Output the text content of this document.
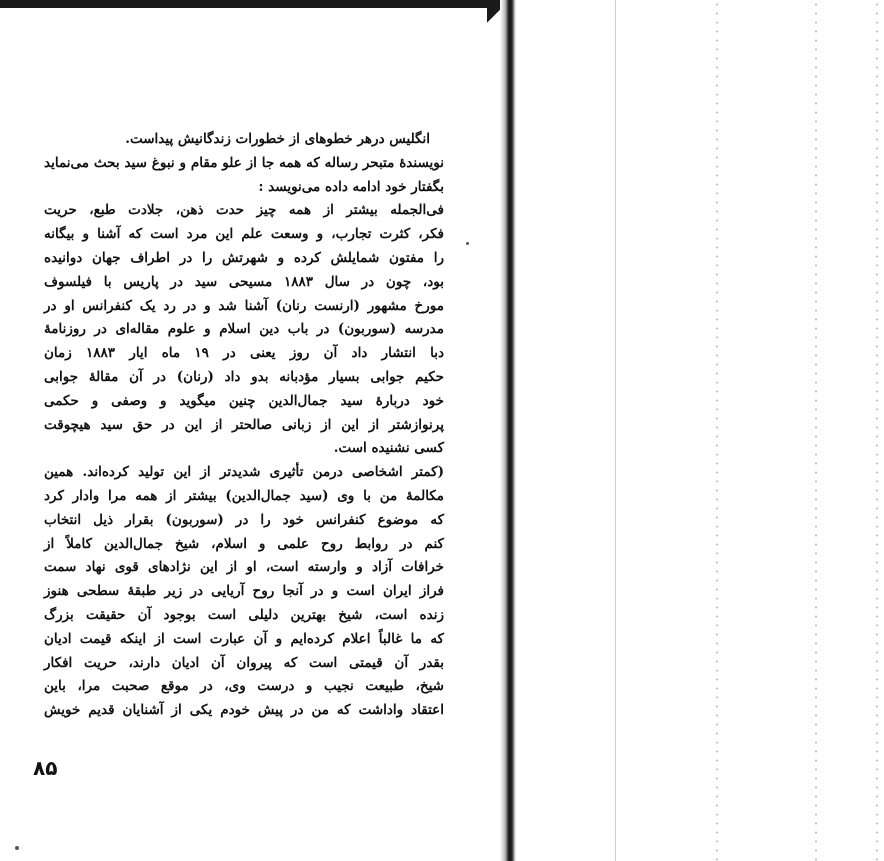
انگلیس درهر خطوهای از خطورات زندگانیش پیداست.
نویسندهٔ متبحر رساله که همه جا از علو مقام و نبوغ سید بحث می‌نماید
بگفتار خود ادامه داده می‌نویسد :
فی‌الجمله بیشتر از همه چیز حدت ذهن، جلادت طبع، حریت
فکر، کثرت تجارب، و وسعت علم این مرد است که آشنا و بیگانه
را مفتون شمایلش کرده و شهرتش را در اطراف جهان دوانیده
بود، چون در سال ۱۸۸۳ مسیحی سید در پاریس با فیلسوف
مورخ مشهور (ارنست رنان) آشنا شد و در رد یک کنفرانس او در
مدرسه (سوربون) در باب دین اسلام و علوم مقاله‌ای در روزنامهٔ
دبا انتشار داد آن روز یعنی در ۱۹ ماه ایار ۱۸۸۳ زمان
حکیم جوابی بسیار مؤدبانه بدو داد (رنان) در آن مقالهٔ جوابی
خود دربارهٔ سید جمال‌الدین چنین میگوید و وصفی و حکمی
پرنوازشتر از این از زبانی صالحتر از این در حق سید هیچوقت
کسی نشنیده است.
(کمتر اشخاصی درمن تأثیری شدیدتر از این تولید کرده‌اند. همین
مکالمهٔ من با وی (سید جمال‌الدین) بیشتر از همه مرا وادار کرد
که موضوع کنفرانس خود را در (سوربون) بقرار ذیل انتخاب
کنم در روابط روح علمی و اسلام، شیخ جمال‌الدین کاملاً از
خرافات آزاد و وارسته است، او از این نژادهای قوی نهاد سمت
فراز ایران است و در آنجا روح آریایی در زیر طبقهٔ سطحی هنوز
زنده است، شیخ بهترین دلیلی است بوجود آن حقیقت بزرگ
که ما غالباً اعلام کرده‌ایم و آن عبارت است از اینکه قیمت ادیان
بقدر آن قیمتی است که پیروان آن ادیان دارند، حریت افکار
شیخ، طبیعت نجیب و درست وی، در موقع صحبت مرا، باین
اعتقاد واداشت که من در پیش خودم یکی از آشنایان قدیم خویش
۸۵
